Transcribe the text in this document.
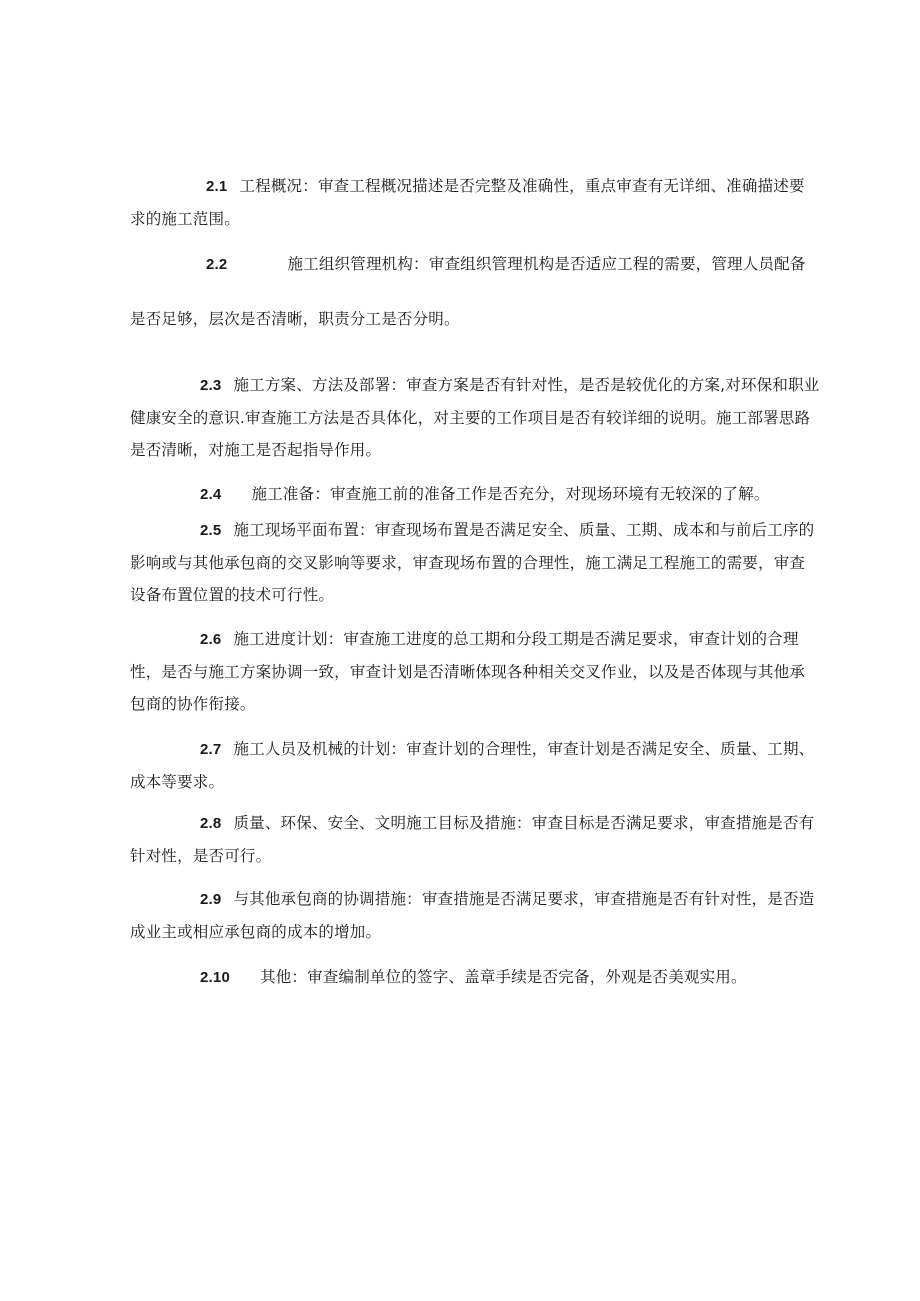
2.1 工程概况：审查工程概况描述是否完整及准确性，重点审查有无详细、准确描述要求的施工范围。

2.2	施工组织管理机构：审查组织管理机构是否适应工程的需要，管理人员配备是否足够，层次是否清晰，职责分工是否分明。

2.3 施工方案、方法及部署：审查方案是否有针对性，是否是较优化的方案,对环保和职业健康安全的意识.审查施工方法是否具体化，对主要的工作项目是否有较详细的说明。施工部署思路是否清晰，对施工是否起指导作用。

2.4 施工准备：审查施工前的准备工作是否充分，对现场环境有无较深的了解。

2.5 施工现场平面布置：审查现场布置是否满足安全、质量、工期、成本和与前后工序的影响或与其他承包商的交叉影响等要求，审查现场布置的合理性，施工满足工程施工的需要，审查设备布置位置的技术可行性。

2.6 施工进度计划：审查施工进度的总工期和分段工期是否满足要求，审查计划的合理性，是否与施工方案协调一致，审查计划是否清晰体现各种相关交叉作业，以及是否体现与其他承包商的协作衔接。

2.7 施工人员及机械的计划：审查计划的合理性，审查计划是否满足安全、质量、工期、成本等要求。

2.8 质量、环保、安全、文明施工目标及措施：审查目标是否满足要求，审查措施是否有针对性，是否可行。

2.9 与其他承包商的协调措施：审查措施是否满足要求，审查措施是否有针对性，是否造成业主或相应承包商的成本的增加。

2.10 其他：审查编制单位的签字、盖章手续是否完备，外观是否美观实用。
